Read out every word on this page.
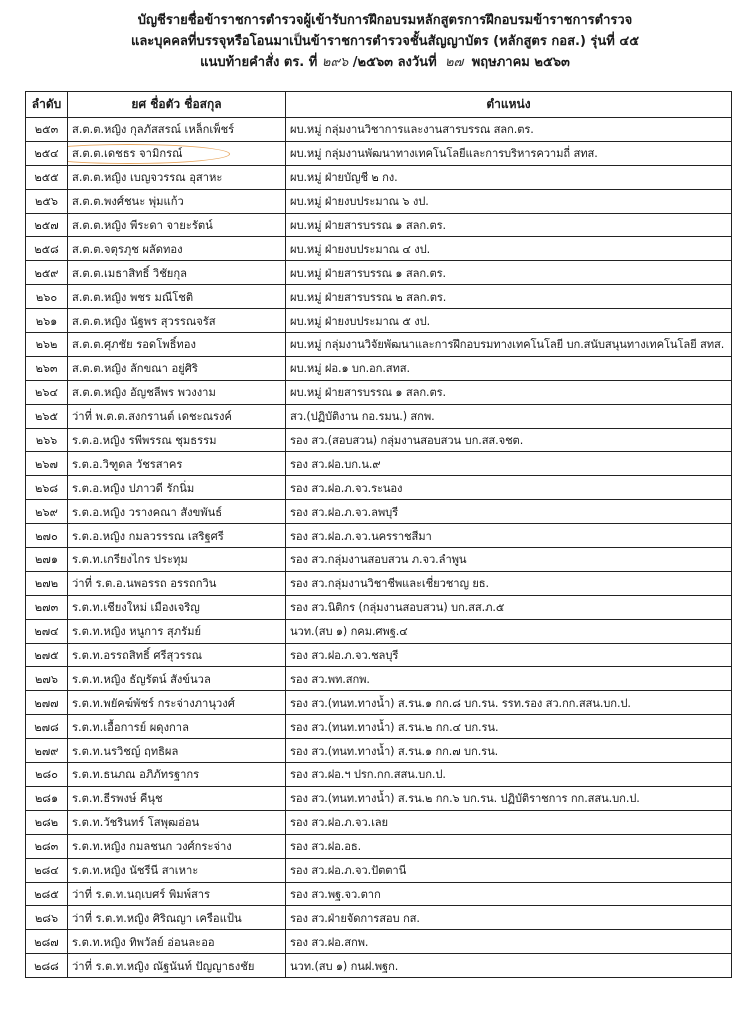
บัญชีรายชื่อข้าราชการตำรวจผู้เข้ารับการฝึกอบรมหลักสูตรการฝึกอบรมข้าราชการตำรวจ
และบุคคลที่บรรจุหรือโอนมาเป็นข้าราชการตำรวจชั้นสัญญาบัตร (หลักสูตร กอส.) รุ่นที่ ๔๕
แนบท้ายคำสั่ง ตร. ที่ ๒๙๖ /๒๕๖๓ ลงวันที่ ๒๗ พฤษภาคม ๒๕๖๓
ลำดับ	ยศ ชื่อตัว ชื่อสกุล	ตำแหน่ง
๒๕๓	ส.ต.ต.หญิง กุลภัสสรณ์ เหล็กเพ็ชร์	ผบ.หมู่ กลุ่มงานวิชาการและงานสารบรรณ สลก.ตร.
๒๕๔	ส.ต.ต.เดชธร จามิกรณ์	ผบ.หมู่ กลุ่มงานพัฒนาทางเทคโนโลยีและการบริหารความถี่ สทส.
๒๕๕	ส.ต.ต.หญิง เบญจวรรณ อุสาหะ	ผบ.หมู่ ฝ่ายบัญชี ๒ กง.
๒๕๖	ส.ต.ต.พงศ์ชนะ พุ่มแก้ว	ผบ.หมู่ ฝ่ายงบประมาณ ๖ งป.
๒๕๗	ส.ต.ต.หญิง พีระดา จายะรัตน์	ผบ.หมู่ ฝ่ายสารบรรณ ๑ สลก.ตร.
๒๕๘	ส.ต.ต.จตุรภุช ผลัดทอง	ผบ.หมู่ ฝ่ายงบประมาณ ๔ งป.
๒๕๙	ส.ต.ต.เมธาสิทธิ์ วิชัยกุล	ผบ.หมู่ ฝ่ายสารบรรณ ๑ สลก.ตร.
๒๖๐	ส.ต.ต.หญิง พชร มณีโชติ	ผบ.หมู่ ฝ่ายสารบรรณ ๒ สลก.ตร.
๒๖๑	ส.ต.ต.หญิง นัฐพร สุวรรณจรัส	ผบ.หมู่ ฝ่ายงบประมาณ ๕ งป.
๒๖๒	ส.ต.ต.ศุภชัย รอดโพธิ์ทอง	ผบ.หมู่ กลุ่มงานวิจัยพัฒนาและการฝึกอบรมทางเทคโนโลยี บก.สนับสนุนทางเทคโนโลยี สทส.
๒๖๓	ส.ต.ต.หญิง ลักขณา อยู่ศิริ	ผบ.หมู่ ฝอ.๑ บก.อก.สทส.
๒๖๔	ส.ต.ต.หญิง อัญชลีพร พวงงาม	ผบ.หมู่ ฝ่ายสารบรรณ ๑ สลก.ตร.
๒๖๕	ว่าที่ พ.ต.ต.สงกรานต์ เดชะณรงค์	สว.(ปฏิบัติงาน กอ.รมน.) สกพ.
๒๖๖	ร.ต.อ.หญิง รพีพรรณ ชุมธรรม	รอง สว.(สอบสวน) กลุ่มงานสอบสวน บก.สส.จชต.
๒๖๗	ร.ต.อ.วิฑูดล วัชรสาคร	รอง สว.ฝอ.บก.น.๙
๒๖๘	ร.ต.อ.หญิง ปภาวดี รักนิ่ม	รอง สว.ฝอ.ภ.จว.ระนอง
๒๖๙	ร.ต.อ.หญิง วรางคณา สังขพันธ์	รอง สว.ฝอ.ภ.จว.ลพบุรี
๒๗๐	ร.ต.อ.หญิง กมลวรรรณ เสริฐศรี	รอง สว.ฝอ.ภ.จว.นครราชสีมา
๒๗๑	ร.ต.ท.เกรียงไกร ประทุม	รอง สว.กลุ่มงานสอบสวน ภ.จว.ลำพูน
๒๗๒	ว่าที่ ร.ต.อ.นพอรรถ อรรถกวิน	รอง สว.กลุ่มงานวิชาชีพและเชี่ยวชาญ ยธ.
๒๗๓	ร.ต.ท.เชียงใหม่ เมืองเจริญ	รอง สว.นิติกร (กลุ่มงานสอบสวน) บก.สส.ภ.๕
๒๗๔	ร.ต.ท.หญิง หนูการ สุภรัมย์	นวท.(สบ ๑) กคม.ศพฐ.๔
๒๗๕	ร.ต.ท.อรรถสิทธิ์ ศรีสุวรรณ	รอง สว.ฝอ.ภ.จว.ชลบุรี
๒๗๖	ร.ต.ท.หญิง ธัญรัตน์ สังข์นวล	รอง สว.พท.สกพ.
๒๗๗	ร.ต.ท.พยัคฆ์พัชร์ กระจ่างภานุวงศ์	รอง สว.(ทนท.ทางน้ำ) ส.รน.๑ กก.๘ บก.รน. รรท.รอง สว.กก.สสน.บก.ป.
๒๗๘	ร.ต.ท.เอื้อการย์ ผดุงกาล	รอง สว.(ทนท.ทางน้ำ) ส.รน.๒ กก.๔ บก.รน.
๒๗๙	ร.ต.ท.นรวิชญ์ ฤทธิผล	รอง สว.(ทนท.ทางน้ำ) ส.รน.๑ กก.๗ บก.รน.
๒๘๐	ร.ต.ท.ธนภณ อภิภัทรฐากร	รอง สว.ฝอ.ฯ ปรก.กก.สสน.บก.ป.
๒๘๑	ร.ต.ท.ธีรพงษ์ คีนุช	รอง สว.(ทนท.ทางน้ำ) ส.รน.๒ กก.๖ บก.รน. ปฏิบัติราชการ กก.สสน.บก.ป.
๒๘๒	ร.ต.ท.วัชรินทร์ โสพุฒอ่อน	รอง สว.ฝอ.ภ.จว.เลย
๒๘๓	ร.ต.ท.หญิง กมลชนก วงศ์กระจ่าง	รอง สว.ฝอ.อธ.
๒๘๔	ร.ต.ท.หญิง นัชรีนี สาเหาะ	รอง สว.ฝอ.ภ.จว.ปัตตานี
๒๘๕	ว่าที่ ร.ต.ท.นฤเบศร์ พิมพ์สาร	รอง สว.พฐ.จว.ตาก
๒๘๖	ว่าที่ ร.ต.ท.หญิง ศิริณญา เครือแป้น	รอง สว.ฝ่ายจัดการสอบ กส.
๒๘๗	ร.ต.ท.หญิง ทิพวัลย์ อ่อนละออ	รอง สว.ฝอ.สกพ.
๒๘๘	ว่าที่ ร.ต.ท.หญิง ณัฐนันท์ ปัญญาธงชัย	นวท.(สบ ๑) กนฝ.พฐก.
